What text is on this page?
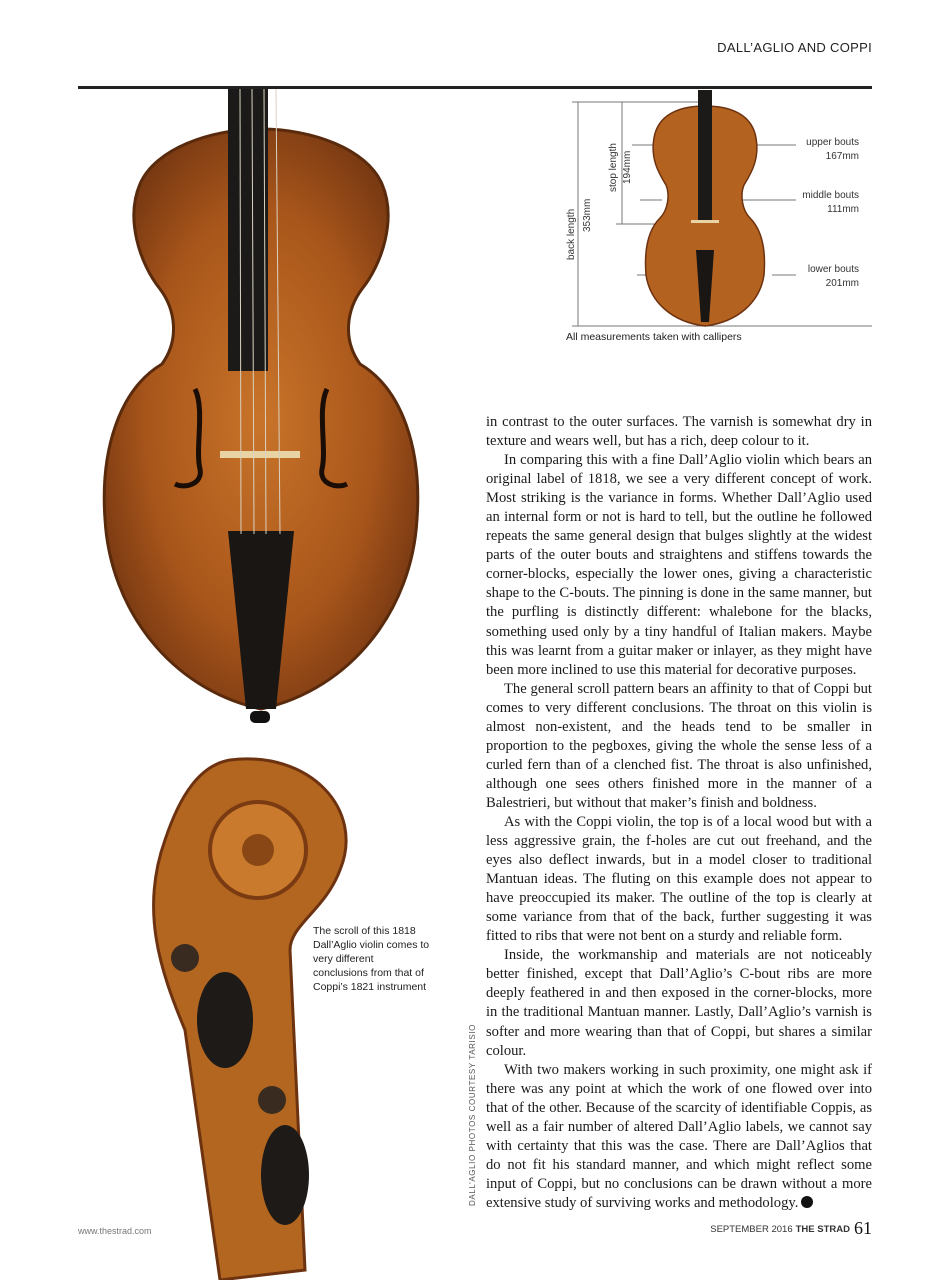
DALL’AGLIO AND COPPI
The scroll of this 1818 Dall’Aglio violin comes to very different conclusions from that of Coppi’s 1821 instrument
DALL’AGLIO PHOTOS COURTESY TARISIO
back length 353mm
stop length 194mm
upper bouts
167mm
middle bouts
111mm
lower bouts
201mm
All measurements taken with callipers

in contrast to the outer surfaces. The varnish is somewhat dry in texture and wears well, but has a rich, deep colour to it.

In comparing this with a fine Dall’Aglio violin which bears an original label of 1818, we see a very different concept of work. Most striking is the variance in forms. Whether Dall’Aglio used an internal form or not is hard to tell, but the outline he followed repeats the same general design that bulges slightly at the widest parts of the outer bouts and straightens and stiffens towards the corner-blocks, especially the lower ones, giving a characteristic shape to the C-bouts. The pinning is done in the same manner, but the purfling is distinctly different: whalebone for the blacks, something used only by a tiny handful of Italian makers. Maybe this was learnt from a guitar maker or inlayer, as they might have been more inclined to use this material for decorative purposes.

The general scroll pattern bears an affinity to that of Coppi but comes to very different conclusions. The throat on this violin is almost non-existent, and the heads tend to be smaller in proportion to the pegboxes, giving the whole the sense less of a curled fern than of a clenched fist. The throat is also unfinished, although one sees others finished more in the manner of a Balestrieri, but without that maker’s finish and boldness.

As with the Coppi violin, the top is of a local wood but with a less aggressive grain, the f-holes are cut out freehand, and the eyes also deflect inwards, but in a model closer to traditional Mantuan ideas. The fluting on this example does not appear to have preoccupied its maker. The outline of the top is clearly at some variance from that of the back, further suggesting it was fitted to ribs that were not bent on a sturdy and reliable form.

Inside, the workmanship and materials are not noticeably better finished, except that Dall’Aglio’s C-bout ribs are more deeply feathered in and then exposed in the corner-blocks, more in the traditional Mantuan manner. Lastly, Dall’Aglio’s varnish is softer and more wearing than that of Coppi, but shares a similar colour.

With two makers working in such proximity, one might ask if there was any point at which the work of one flowed over into that of the other. Because of the scarcity of identifiable Coppis, as well as a fair number of altered Dall’Aglio labels, we cannot say with certainty that this was the case. There are Dall’Aglios that do not fit his standard manner, and which might reflect some input of Coppi, but no conclusions can be drawn without a more extensive study of surviving works and methodology.

www.thestrad.com	SEPTEMBER 2016 THE STRAD 61
